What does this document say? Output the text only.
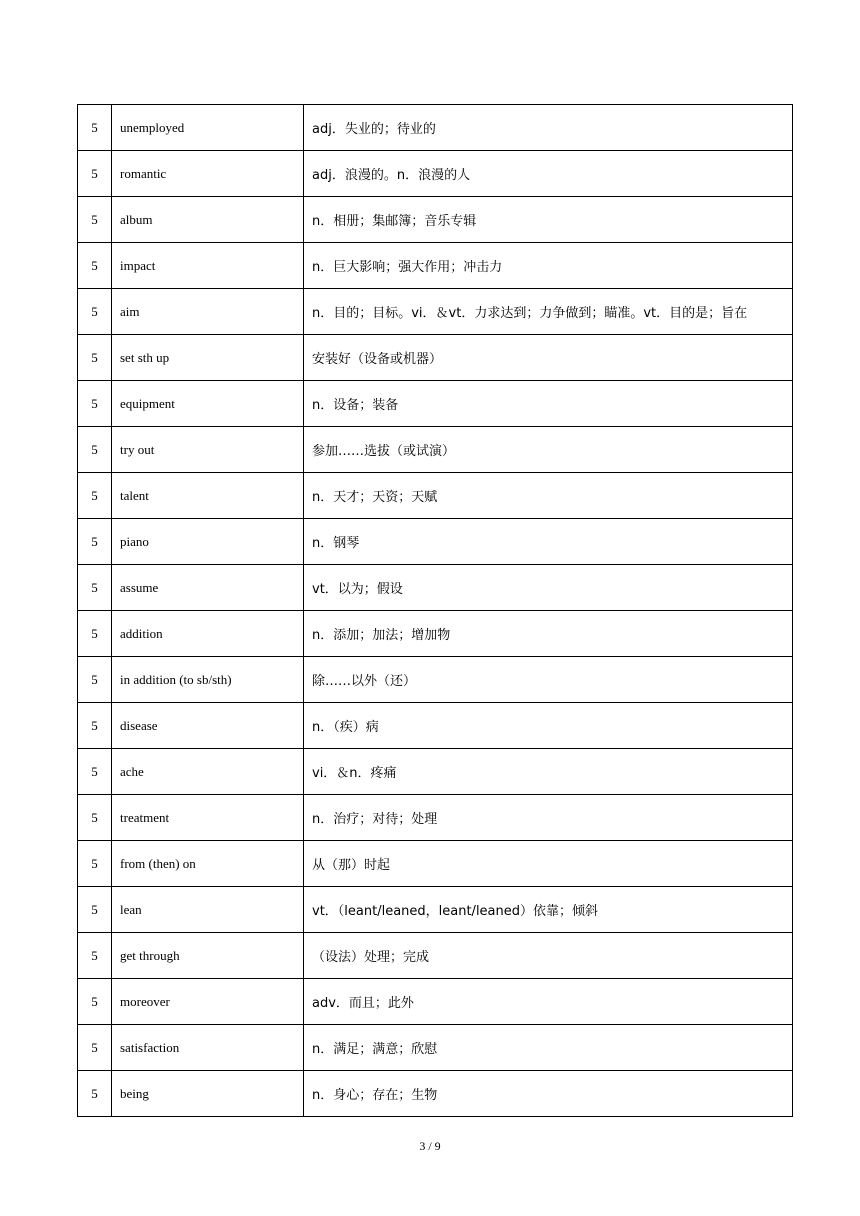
5	unemployed	adj．失业的；待业的
5	romantic	adj．浪漫的。n．浪漫的人
5	album	n．相册；集邮簿；音乐专辑
5	impact	n．巨大影响；强大作用；冲击力
5	aim	n．目的；目标。vi．＆vt．力求达到；力争做到；瞄准。vt．目的是；旨在
5	set sth up	安装好（设备或机器）
5	equipment	n．设备；装备
5	try out	参加……选拔（或试演）
5	talent	n．天才；天资；天赋
5	piano	n．钢琴
5	assume	vt．以为；假设
5	addition	n．添加；加法；增加物
5	in addition (to sb/sth)	除……以外（还）
5	disease	n．（疾）病
5	ache	vi．＆n．疼痛
5	treatment	n．治疗；对待；处理
5	from (then) on	从（那）时起
5	lean	vt．（leant/leaned，leant/leaned）依靠；倾斜
5	get through	（设法）处理；完成
5	moreover	adv．而且；此外
5	satisfaction	n．满足；满意；欣慰
5	being	n．身心；存在；生物
3 / 9
